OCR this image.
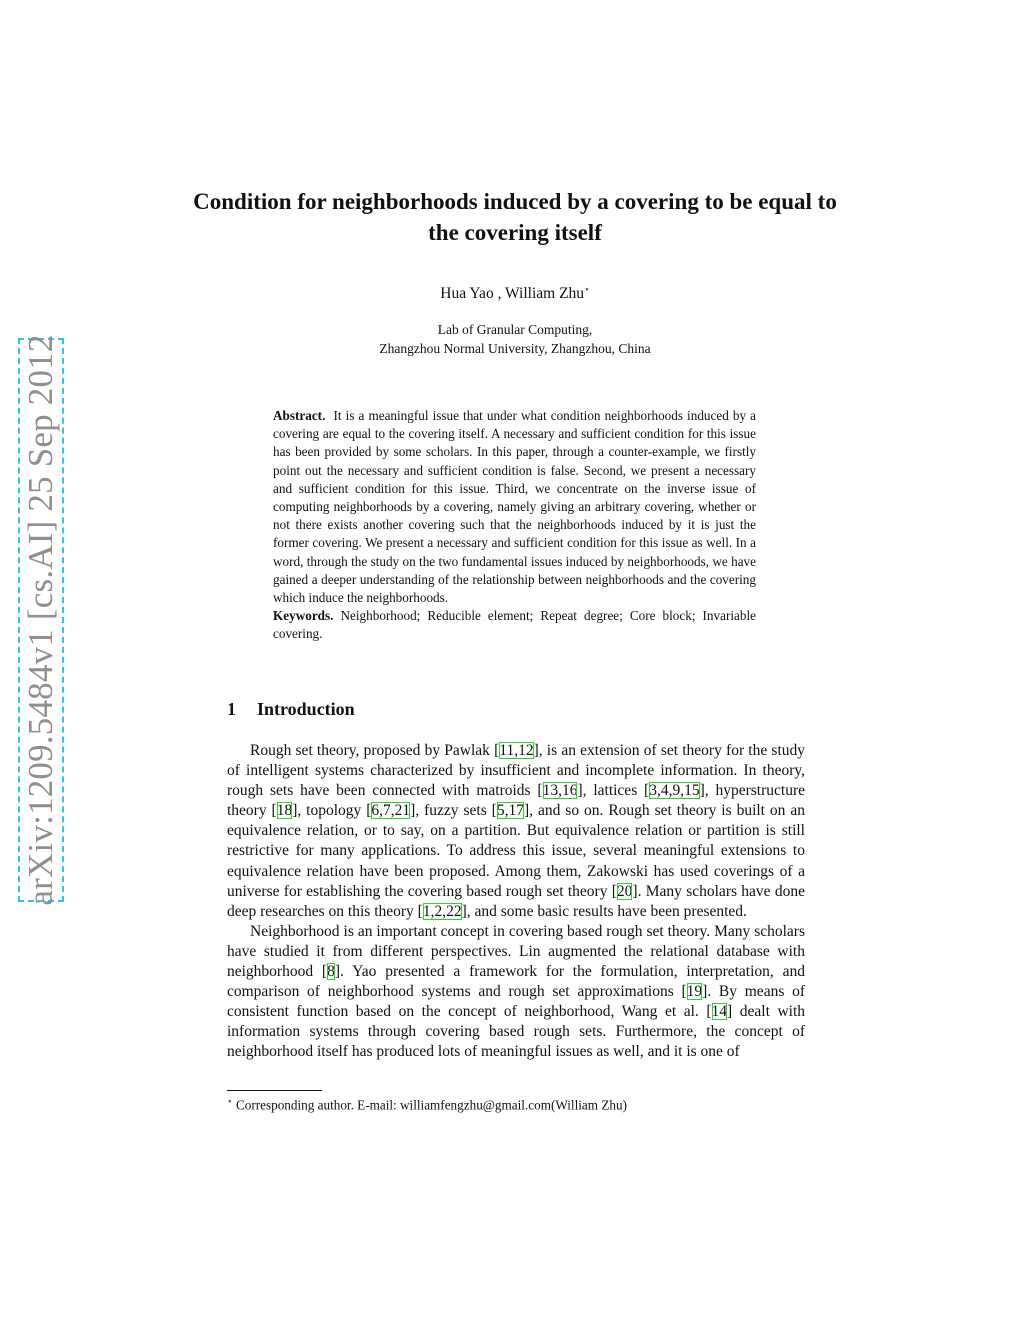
arXiv:1209.5484v1 [cs.AI] 25 Sep 2012
Condition for neighborhoods induced by a covering to be equal to the covering itself
Hua Yao , William Zhu⋆
Lab of Granular Computing,
Zhangzhou Normal University, Zhangzhou, China

Abstract. It is a meaningful issue that under what condition neighborhoods induced by a covering are equal to the covering itself. A necessary and sufficient condition for this issue has been provided by some scholars. In this paper, through a counter-example, we firstly point out the necessary and sufficient condition is false. Second, we present a necessary and sufficient condition for this issue. Third, we concentrate on the inverse issue of computing neighborhoods by a covering, namely giving an arbitrary covering, whether or not there exists another covering such that the neighborhoods induced by it is just the former covering. We present a necessary and sufficient condition for this issue as well. In a word, through the study on the two fundamental issues induced by neighborhoods, we have gained a deeper understanding of the relationship between neighborhoods and the covering which induce the neighborhoods.
Keywords. Neighborhood; Reducible element; Repeat degree; Core block; Invariable covering.

1 Introduction

Rough set theory, proposed by Pawlak [11,12], is an extension of set theory for the study of intelligent systems characterized by insufficient and incomplete information. In theory, rough sets have been connected with matroids [13,16], lattices [3,4,9,15], hyperstructure theory [18], topology [6,7,21], fuzzy sets [5,17], and so on. Rough set theory is built on an equivalence relation, or to say, on a partition. But equivalence relation or partition is still restrictive for many applications. To address this issue, several meaningful extensions to equivalence relation have been proposed. Among them, Zakowski has used coverings of a universe for establishing the covering based rough set theory [20]. Many scholars have done deep researches on this theory [1,2,22], and some basic results have been presented.

Neighborhood is an important concept in covering based rough set theory. Many scholars have studied it from different perspectives. Lin augmented the relational database with neighborhood [8]. Yao presented a framework for the formulation, interpretation, and comparison of neighborhood systems and rough set approximations [19]. By means of consistent function based on the concept of neighborhood, Wang et al. [14] dealt with information systems through covering based rough sets. Furthermore, the concept of neighborhood itself has produced lots of meaningful issues as well, and it is one of

⋆ Corresponding author. E-mail: williamfengzhu@gmail.com(William Zhu)
